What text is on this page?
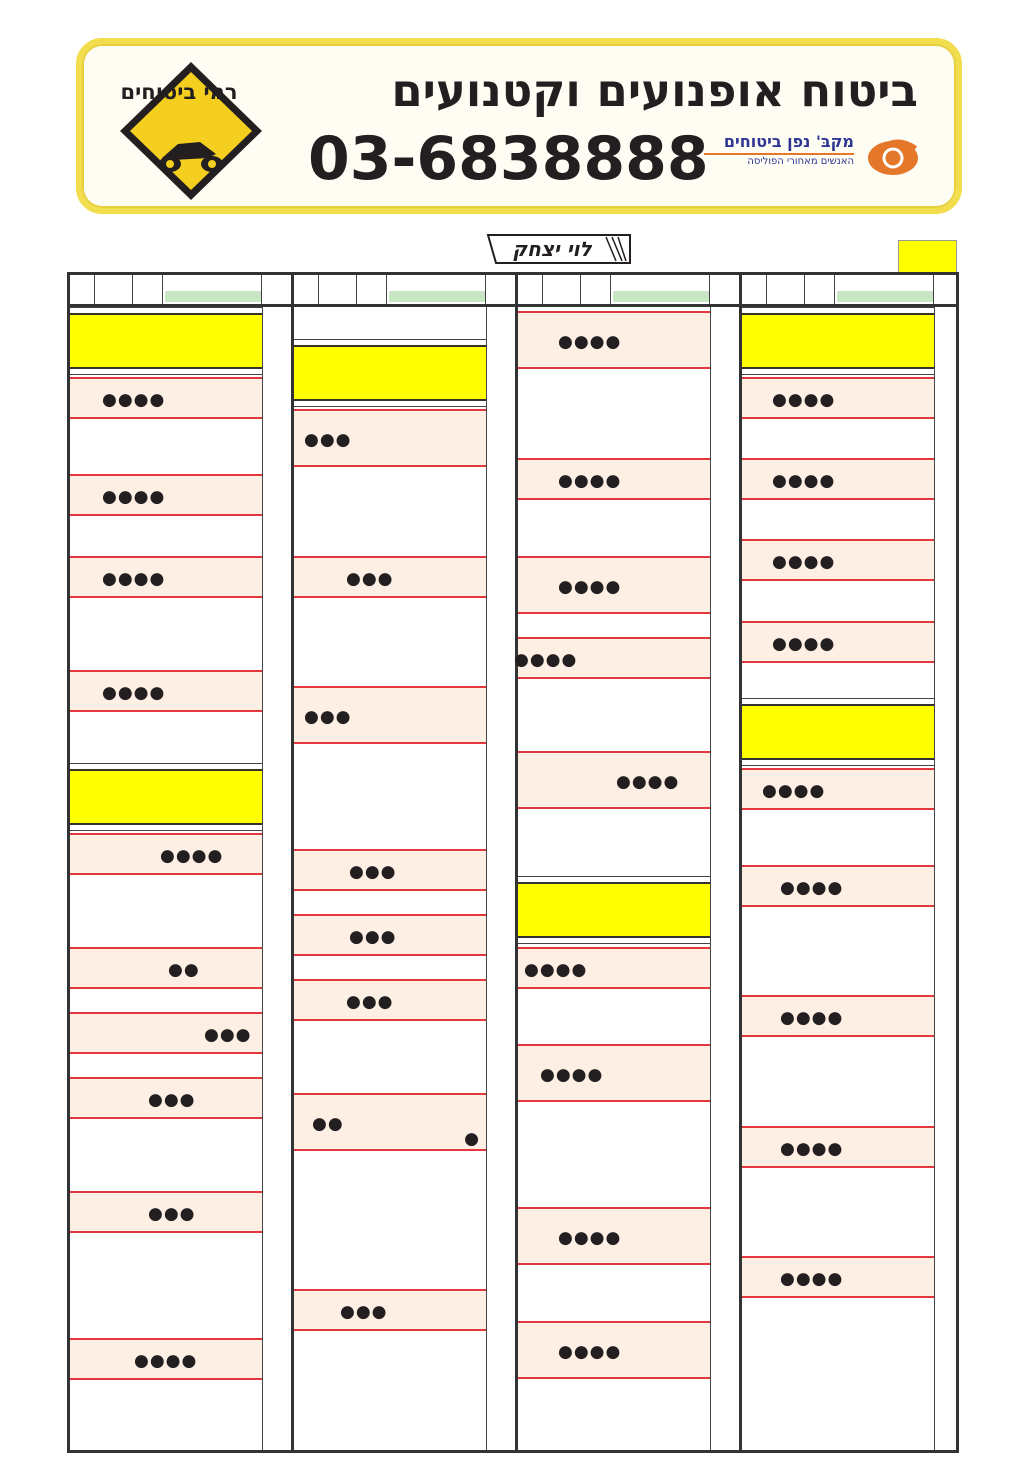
רמי ביטוחים	ביטוח אופנועים וקטנועים
03-6838888 מקבּ' נפן ביטוחים
האנשים מאחורי הפוליסה
לוי יצחק
●●●●
●●●●
●●●●
●●●●
●●●●
●●
●●●
●●●
●●●
●●●●
●●●
●●●
●●●
●●●
●●●
●●●
●●
●
●●●
●●●●
●●●●
●●●●
●●●●
●●●●
●●●●
●●●●
●●●●
●●●●
●●●●
●●●●
●●●●
●●●●
●●●●
●●●●
●●●●
●●●●
●●●●
